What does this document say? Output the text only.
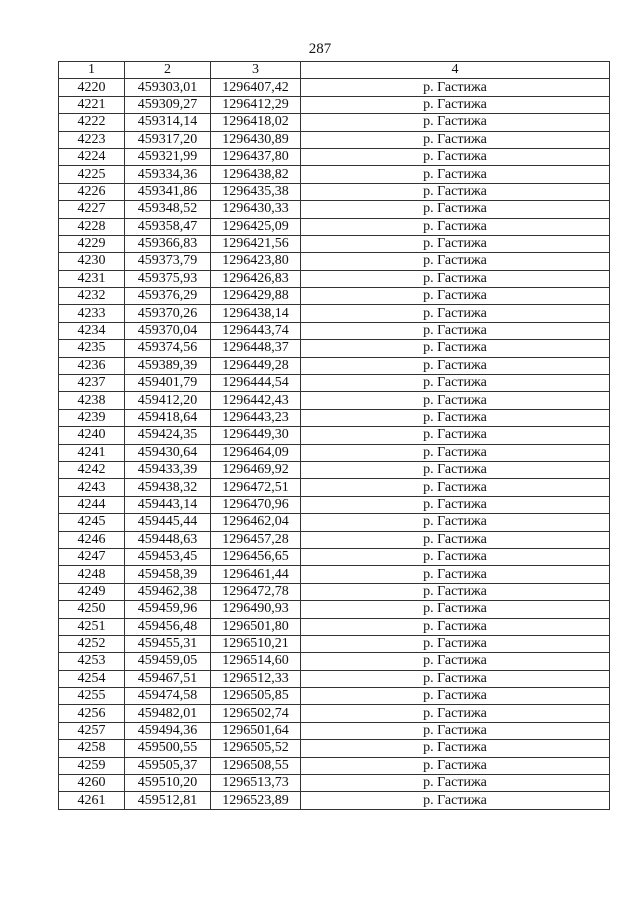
287
1	2	3	4
4220	459303,01	1296407,42	р. Гастижа
4221	459309,27	1296412,29	р. Гастижа
4222	459314,14	1296418,02	р. Гастижа
4223	459317,20	1296430,89	р. Гастижа
4224	459321,99	1296437,80	р. Гастижа
4225	459334,36	1296438,82	р. Гастижа
4226	459341,86	1296435,38	р. Гастижа
4227	459348,52	1296430,33	р. Гастижа
4228	459358,47	1296425,09	р. Гастижа
4229	459366,83	1296421,56	р. Гастижа
4230	459373,79	1296423,80	р. Гастижа
4231	459375,93	1296426,83	р. Гастижа
4232	459376,29	1296429,88	р. Гастижа
4233	459370,26	1296438,14	р. Гастижа
4234	459370,04	1296443,74	р. Гастижа
4235	459374,56	1296448,37	р. Гастижа
4236	459389,39	1296449,28	р. Гастижа
4237	459401,79	1296444,54	р. Гастижа
4238	459412,20	1296442,43	р. Гастижа
4239	459418,64	1296443,23	р. Гастижа
4240	459424,35	1296449,30	р. Гастижа
4241	459430,64	1296464,09	р. Гастижа
4242	459433,39	1296469,92	р. Гастижа
4243	459438,32	1296472,51	р. Гастижа
4244	459443,14	1296470,96	р. Гастижа
4245	459445,44	1296462,04	р. Гастижа
4246	459448,63	1296457,28	р. Гастижа
4247	459453,45	1296456,65	р. Гастижа
4248	459458,39	1296461,44	р. Гастижа
4249	459462,38	1296472,78	р. Гастижа
4250	459459,96	1296490,93	р. Гастижа
4251	459456,48	1296501,80	р. Гастижа
4252	459455,31	1296510,21	р. Гастижа
4253	459459,05	1296514,60	р. Гастижа
4254	459467,51	1296512,33	р. Гастижа
4255	459474,58	1296505,85	р. Гастижа
4256	459482,01	1296502,74	р. Гастижа
4257	459494,36	1296501,64	р. Гастижа
4258	459500,55	1296505,52	р. Гастижа
4259	459505,37	1296508,55	р. Гастижа
4260	459510,20	1296513,73	р. Гастижа
4261	459512,81	1296523,89	р. Гастижа
